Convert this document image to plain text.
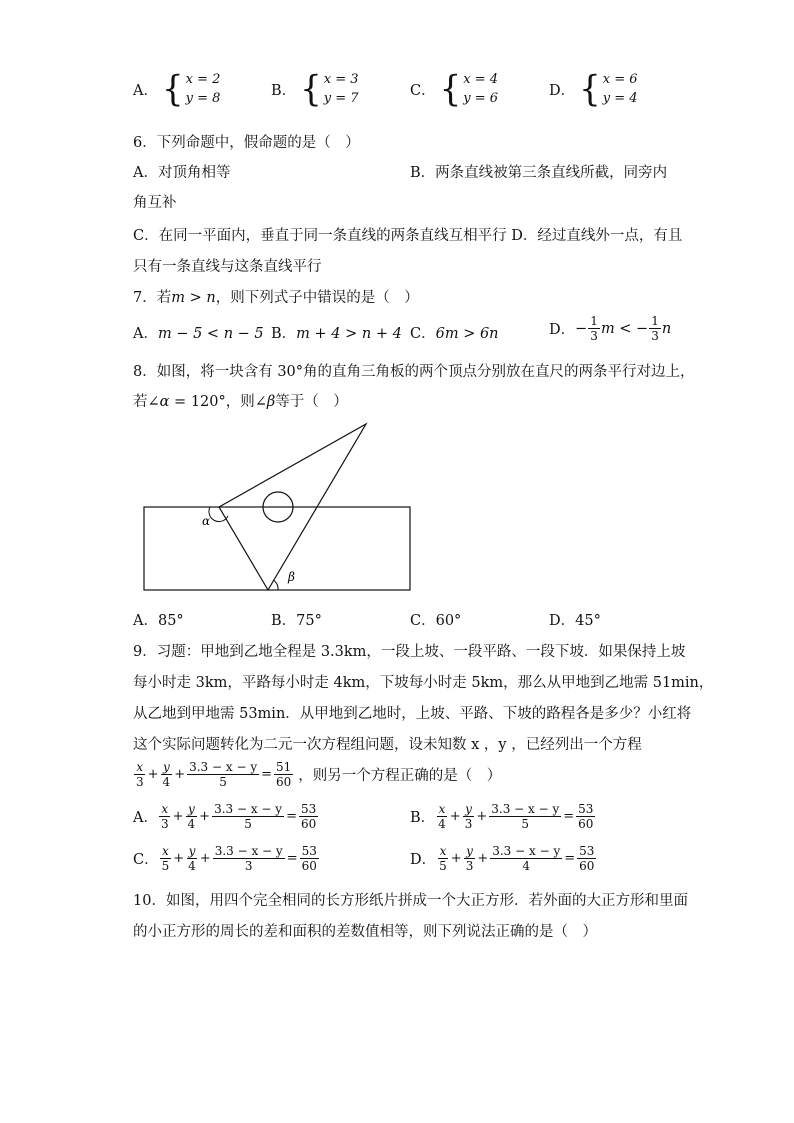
A． { x = 2
y = 8	B． { x = 3
y = 7	C． { x = 4
y = 6	D． { x = 6
y = 4
6．下列命题中，假命题的是（　）
A．对顶角相等	B．两条直线被第三条直线所截，同旁内
角互补
C．在同一平面内，垂直于同一条直线的两条直线互相平行 D．经过直线外一点，有且
只有一条直线与这条直线平行
7．若m > n，则下列式子中错误的是（　）
A．m − 5 < n − 5 B．m + 4 > n + 4 C．6m > 6n	D． − $\frac{1}{3}$ m < − $\frac{1}{3}$ n
8．如图，将一块含有 30°角的直角三角板的两个顶点分别放在直尺的两条平行对边上，
若∠α = 120°，则∠β等于（　）
α
β
A．85°	B．75°	C．60°	D．45°
9．习题：甲地到乙地全程是 3.3km，一段上坡、一段平路、一段下坡．如果保持上坡
每小时走 3km，平路每小时走 4km，下坡每小时走 5km，那么从甲地到乙地需 51min，
从乙地到甲地需 53min．从甲地到乙地时，上坡、平路、下坡的路程各是多少？小红将
这个实际问题转化为二元一次方程组问题，设未知数 x ，y ，已经列出一个方程
$\frac{x}{3} + \frac{y}{4} + \frac{3.3 - x - y}{5} = \frac{51}{60}$ ，则另一个方程正确的是（　）
A． $\frac{x}{3} + \frac{y}{4} + \frac{3.3 - x - y}{5} = \frac{53}{60}$	B． $\frac{x}{4} + \frac{y}{3} + \frac{3.3 - x - y}{5} = \frac{53}{60}$
C． $\frac{x}{5} + \frac{y}{4} + \frac{3.3 - x - y}{3} = \frac{53}{60}$	D． $\frac{x}{5} + \frac{y}{3} + \frac{3.3 - x - y}{4} = \frac{53}{60}$
10．如图，用四个完全相同的长方形纸片拼成一个大正方形．若外面的大正方形和里面
的小正方形的周长的差和面积的差数值相等，则下列说法正确的是（　）
